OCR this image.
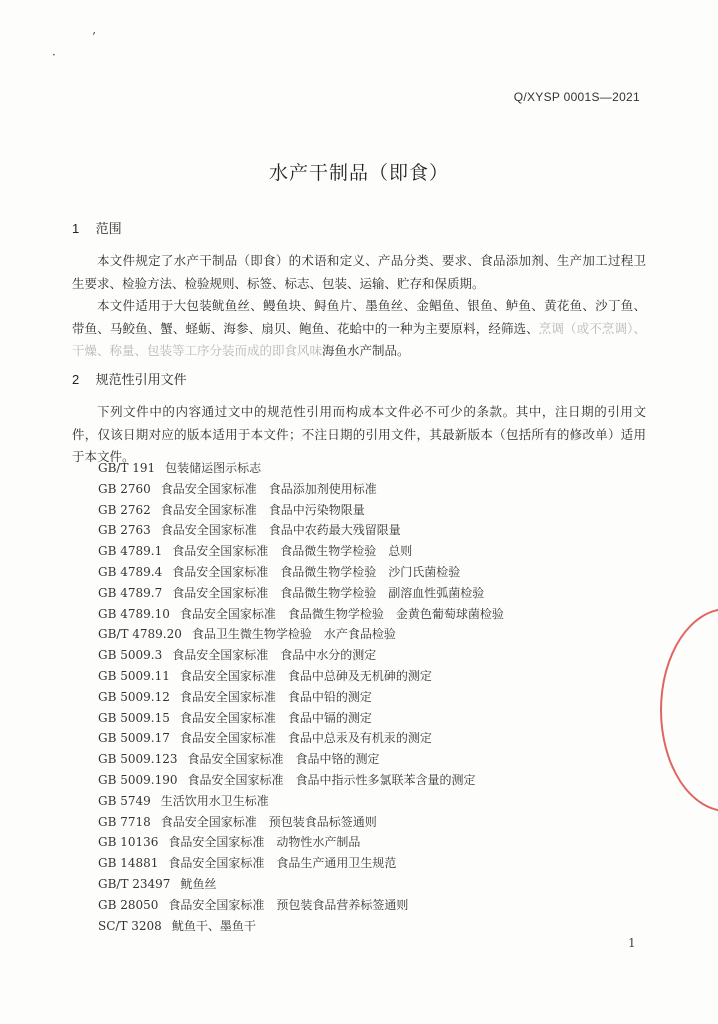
’
·
Q/XYSP 0001S—2021
水产干制品（即食）
1 范围

本文件规定了水产干制品（即食）的术语和定义、产品分类、要求、食品添加剂、生产加工过程卫生要求、检验方法、检验规则、标签、标志、包装、运输、贮存和保质期。

本文件适用于大包装鱿鱼丝、鳗鱼块、鲟鱼片、墨鱼丝、金鲳鱼、银鱼、鲈鱼、黄花鱼、沙丁鱼、带鱼、马鲛鱼、蟹、蛏蛎、海参、扇贝、鲍鱼、花蛤中的一种为主要原料，经筛选、烹调（或不烹调）、干燥、称量、包装等工序分装而成的即食风味海鱼水产制品。

2 规范性引用文件

下列文件中的内容通过文中的规范性引用而构成本文件必不可少的条款。其中，注日期的引用文件，仅该日期对应的版本适用于本文件；不注日期的引用文件，其最新版本（包括所有的修改单）适用于本文件。

GB/T 191 包装储运图示标志
GB 2760 食品安全国家标准 食品添加剂使用标准
GB 2762 食品安全国家标准 食品中污染物限量
GB 2763 食品安全国家标准 食品中农药最大残留限量
GB 4789.1 食品安全国家标准 食品微生物学检验 总则
GB 4789.4 食品安全国家标准 食品微生物学检验 沙门氏菌检验
GB 4789.7 食品安全国家标准 食品微生物学检验 副溶血性弧菌检验
GB 4789.10 食品安全国家标准 食品微生物学检验 金黄色葡萄球菌检验
GB/T 4789.20 食品卫生微生物学检验 水产食品检验
GB 5009.3 食品安全国家标准 食品中水分的测定
GB 5009.11 食品安全国家标准 食品中总砷及无机砷的测定
GB 5009.12 食品安全国家标准 食品中铅的测定
GB 5009.15 食品安全国家标准 食品中镉的测定
GB 5009.17 食品安全国家标准 食品中总汞及有机汞的测定
GB 5009.123 食品安全国家标准 食品中铬的测定
GB 5009.190 食品安全国家标准 食品中指示性多氯联苯含量的测定
GB 5749 生活饮用水卫生标准
GB 7718 食品安全国家标准 预包装食品标签通则
GB 10136 食品安全国家标准 动物性水产制品
GB 14881 食品安全国家标准 食品生产通用卫生规范
GB/T 23497 鱿鱼丝
GB 28050 食品安全国家标准 预包装食品营养标签通则
SC/T 3208 鱿鱼干、墨鱼干
1
